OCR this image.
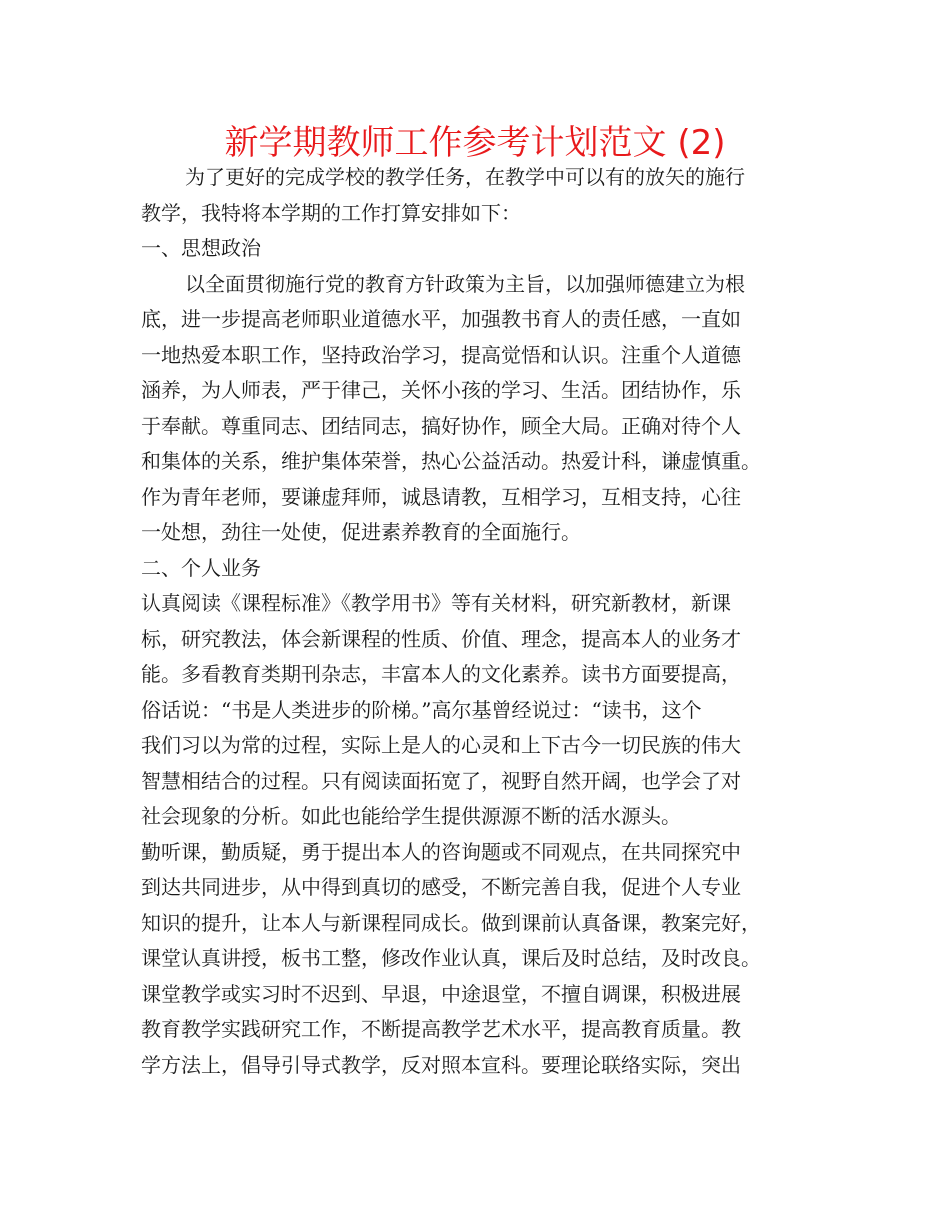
新学期教师工作参考计划范文 (2)
为了更好的完成学校的教学任务，在教学中可以有的放矢的施行
教学，我特将本学期的工作打算安排如下：
一、思想政治
以全面贯彻施行党的教育方针政策为主旨，以加强师德建立为根
底，进一步提高老师职业道德水平，加强教书育人的责任感，一直如
一地热爱本职工作，坚持政治学习，提高觉悟和认识。注重个人道德
涵养，为人师表，严于律己，关怀小孩的学习、生活。团结协作，乐
于奉献。尊重同志、团结同志，搞好协作，顾全大局。正确对待个人
和集体的关系，维护集体荣誉，热心公益活动。热爱计科，谦虚慎重。
作为青年老师，要谦虚拜师，诚恳请教，互相学习，互相支持，心往
一处想，劲往一处使，促进素养教育的全面施行。
二、个人业务
认真阅读《课程标准》《教学用书》等有关材料，研究新教材，新课
标，研究教法，体会新课程的性质、价值、理念，提高本人的业务才
能。多看教育类期刊杂志，丰富本人的文化素养。读书方面要提高，
俗话说：“书是人类进步的阶梯。”高尔基曾经说过：“读书，这个
我们习以为常的过程，实际上是人的心灵和上下古今一切民族的伟大
智慧相结合的过程。只有阅读面拓宽了，视野自然开阔，也学会了对
社会现象的分析。如此也能给学生提供源源不断的活水源头。
勤听课，勤质疑，勇于提出本人的咨询题或不同观点，在共同探究中
到达共同进步，从中得到真切的感受，不断完善自我，促进个人专业
知识的提升，让本人与新课程同成长。做到课前认真备课，教案完好，
课堂认真讲授，板书工整，修改作业认真，课后及时总结，及时改良。
课堂教学或实习时不迟到、早退，中途退堂，不擅自调课，积极进展
教育教学实践研究工作，不断提高教学艺术水平，提高教育质量。教
学方法上，倡导引导式教学，反对照本宣科。要理论联络实际，突出
